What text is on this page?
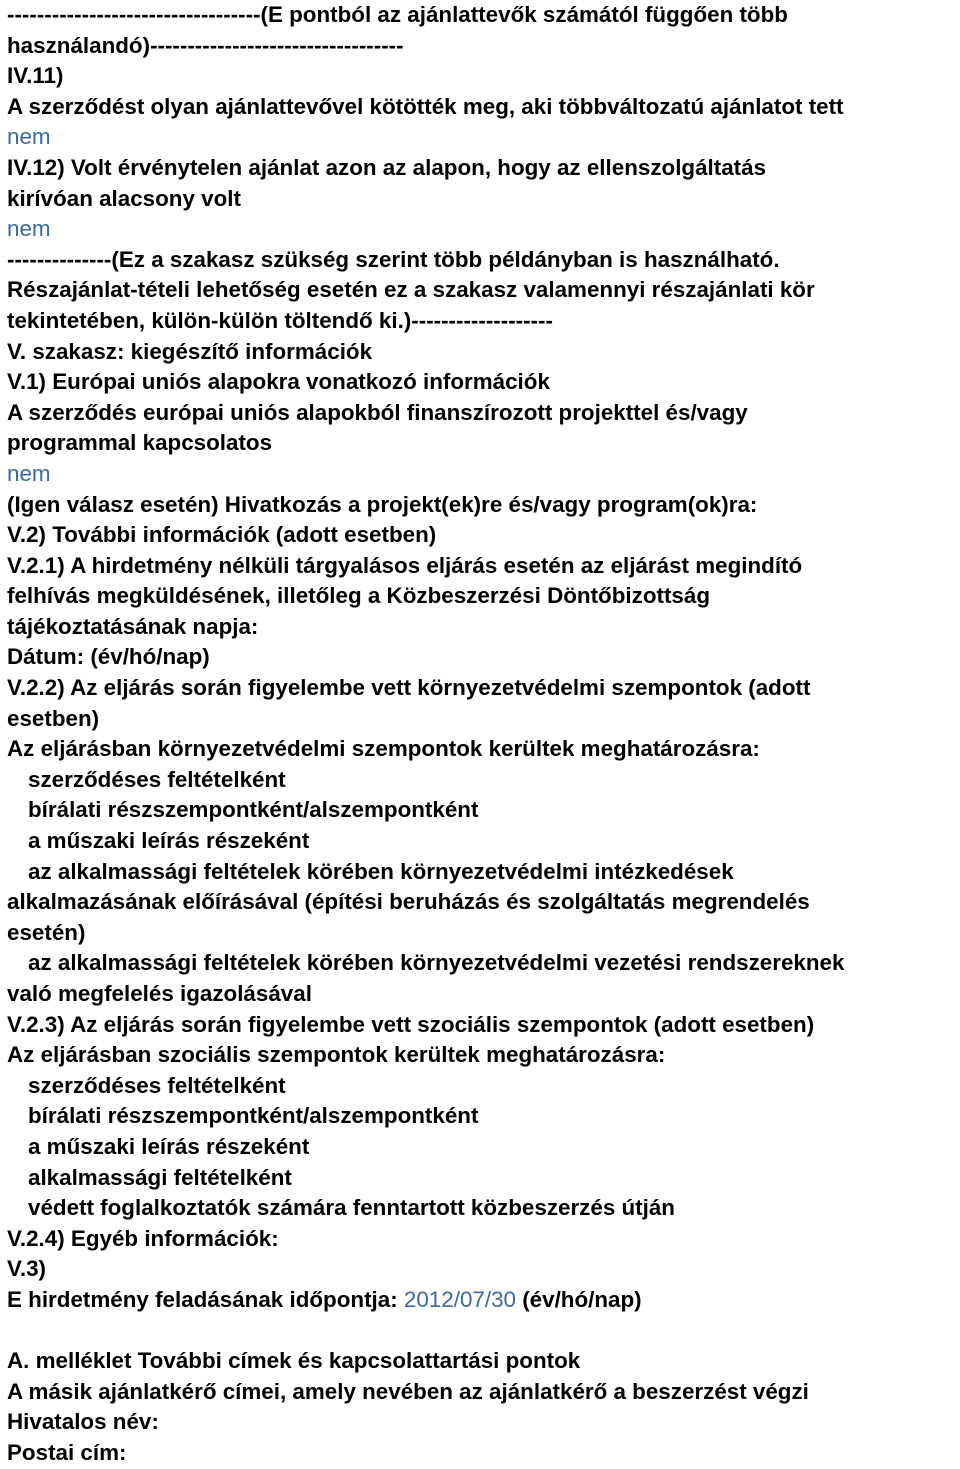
----------------------------------(E pontból az ajánlattevők számától függően több
használandó)----------------------------------
IV.11)
A szerződést olyan ajánlattevővel kötötték meg, aki többváltozatú ajánlatot tett
nem
IV.12) Volt érvénytelen ajánlat azon az alapon, hogy az ellenszolgáltatás
kirívóan alacsony volt
nem
--------------(Ez a szakasz szükség szerint több példányban is használható.
Részajánlat-tételi lehetőség esetén ez a szakasz valamennyi részajánlati kör
tekintetében, külön-külön töltendő ki.)-------------------
V. szakasz: kiegészítő információk
V.1) Európai uniós alapokra vonatkozó információk
A szerződés európai uniós alapokból finanszírozott projekttel és/vagy
programmal kapcsolatos
nem
(Igen válasz esetén) Hivatkozás a projekt(ek)re és/vagy program(ok)ra:
V.2) További információk (adott esetben)
V.2.1) A hirdetmény nélküli tárgyalásos eljárás esetén az eljárást megindító
felhívás megküldésének, illetőleg a Közbeszerzési Döntőbizottság
tájékoztatásának napja:
Dátum: (év/hó/nap)
V.2.2) Az eljárás során figyelembe vett környezetvédelmi szempontok (adott
esetben)
Az eljárásban környezetvédelmi szempontok kerültek meghatározásra:
szerződéses feltételként
bírálati részszempontként/alszempontként
a műszaki leírás részeként
az alkalmassági feltételek körében környezetvédelmi intézkedések
alkalmazásának előírásával (építési beruházás és szolgáltatás megrendelés
esetén)
az alkalmassági feltételek körében környezetvédelmi vezetési rendszereknek
való megfelelés igazolásával
V.2.3) Az eljárás során figyelembe vett szociális szempontok (adott esetben)
Az eljárásban szociális szempontok kerültek meghatározásra:
szerződéses feltételként
bírálati részszempontként/alszempontként
a műszaki leírás részeként
alkalmassági feltételként
védett foglalkoztatók számára fenntartott közbeszerzés útján
V.2.4) Egyéb információk:
V.3)
E hirdetmény feladásának időpontja: 2012/07/30 (év/hó/nap)
A. melléklet További címek és kapcsolattartási pontok
A másik ajánlatkérő címei, amely nevében az ajánlatkérő a beszerzést végzi
Hivatalos név:
Postai cím:
